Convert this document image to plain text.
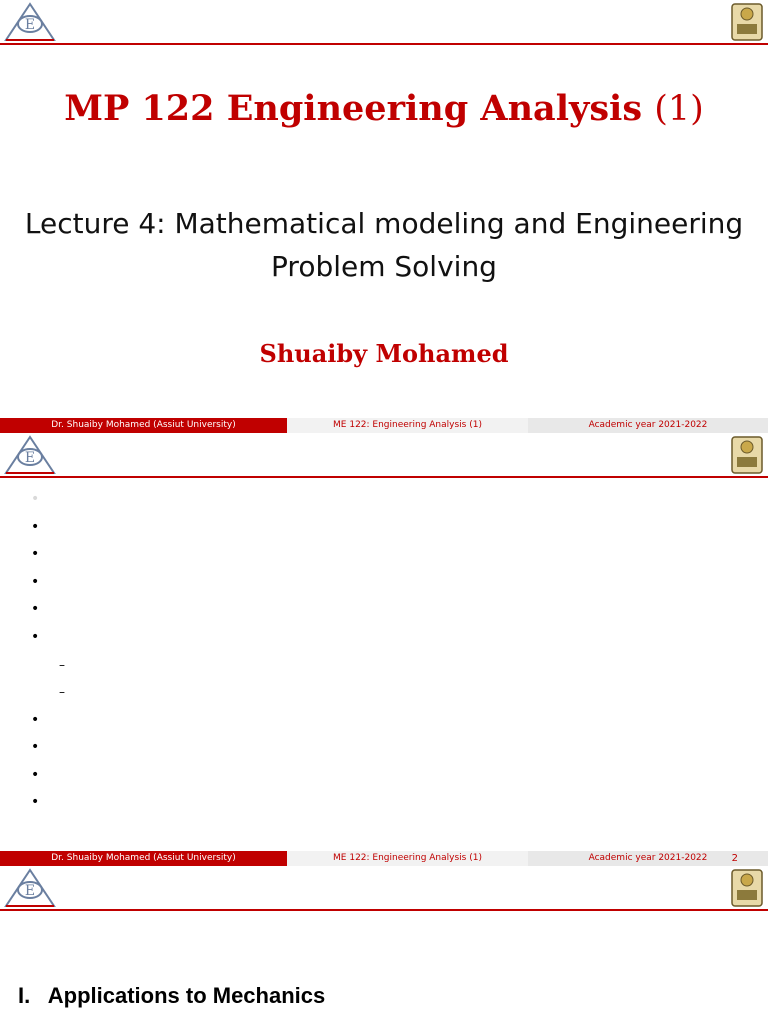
E
MP 122 Engineering Analysis (1)
Lecture 4: Mathematical modeling and Engineering Problem Solving
Shuaiby Mohamed
Dr. Shuaiby Mohamed (Assiut University)	ME 122: Engineering Analysis (1)	Academic year 2021-2022
E
•
•
•
•
•
•
–
–
•
•
•
•
Dr. Shuaiby Mohamed (Assiut University)	ME 122: Engineering Analysis (1)	Academic year 2021-2022	2
E
I.   Applications to Mechanics
